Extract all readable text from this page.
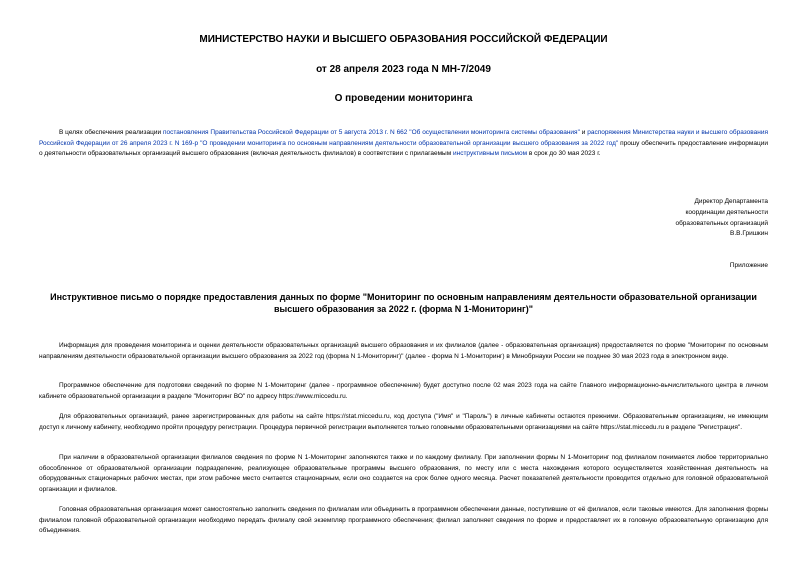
МИНИСТЕРСТВО НАУКИ И ВЫСШЕГО ОБРАЗОВАНИЯ РОССИЙСКОЙ ФЕДЕРАЦИИ
от 28 апреля 2023 года N МН-7/2049
О проведении мониторинга

В целях обеспечения реализации постановления Правительства Российской Федерации от 5 августа 2013 г. N 662 "Об осуществлении мониторинга системы образования" и распоряжения Министерства науки и высшего образования Российской Федерации от 26 апреля 2023 г. N 169-р "О проведении мониторинга по основным направлениям деятельности образовательной организации высшего образования за 2022 год" прошу обеспечить предоставление информации о деятельности образовательных организаций высшего образования (включая деятельность филиалов) в соответствии с прилагаемым инструктивным письмом в срок до 30 мая 2023 г.

Директор Департамента
координации деятельности
образовательных организаций
В.В.Гришкин
Приложение
Инструктивное письмо о порядке предоставления данных по форме "Мониторинг по основным направлениям деятельности образовательной организации высшего образования за 2022 г. (форма N 1-Мониторинг)"

Информация для проведения мониторинга и оценки деятельности образовательных организаций высшего образования и их филиалов (далее - образовательная организация) предоставляется по форме "Мониторинг по основным направлениям деятельности образовательной организации высшего образования за 2022 год (форма N 1-Мониторинг)" (далее - форма N 1-Мониторинг) в Минобрнауки России не позднее 30 мая 2023 года в электронном виде.

Программное обеспечение для подготовки сведений по форме N 1-Мониторинг (далее - программное обеспечение) будет доступно после 02 мая 2023 года на сайте Главного информационно-вычислительного центра в личном кабинете образовательной организации в разделе "Мониторинг ВО" по адресу https://www.miccedu.ru.

Для образовательных организаций, ранее зарегистрированных для работы на сайте https://stat.miccedu.ru, код доступа ("Имя" и "Пароль") в личные кабинеты остаются прежними. Образовательным организациям, не имеющим доступ к личному кабинету, необходимо пройти процедуру регистрации. Процедура первичной регистрации выполняется только головными образовательными организациями на сайте https://stat.miccedu.ru в разделе "Регистрация".

При наличии в образовательной организации филиалов сведения по форме N 1-Мониторинг заполняются также и по каждому филиалу. При заполнении формы N 1-Мониторинг под филиалом понимается любое территориально обособленное от образовательной организации подразделение, реализующее образовательные программы высшего образования, по месту или с места нахождения которого осуществляется хозяйственная деятельность на оборудованных стационарных рабочих местах, при этом рабочее место считается стационарным, если оно создается на срок более одного месяца. Расчет показателей деятельности проводится отдельно для головной образовательной организации и филиалов.

Головная образовательная организация может самостоятельно заполнить сведения по филиалам или объединить в программном обеспечении данные, поступившие от её филиалов, если таковые имеются. Для заполнения формы филиалом головной образовательной организации необходимо передать филиалу свой экземпляр программного обеспечения; филиал заполняет сведения по форме и предоставляет их в головную образовательную организацию для объединения.
